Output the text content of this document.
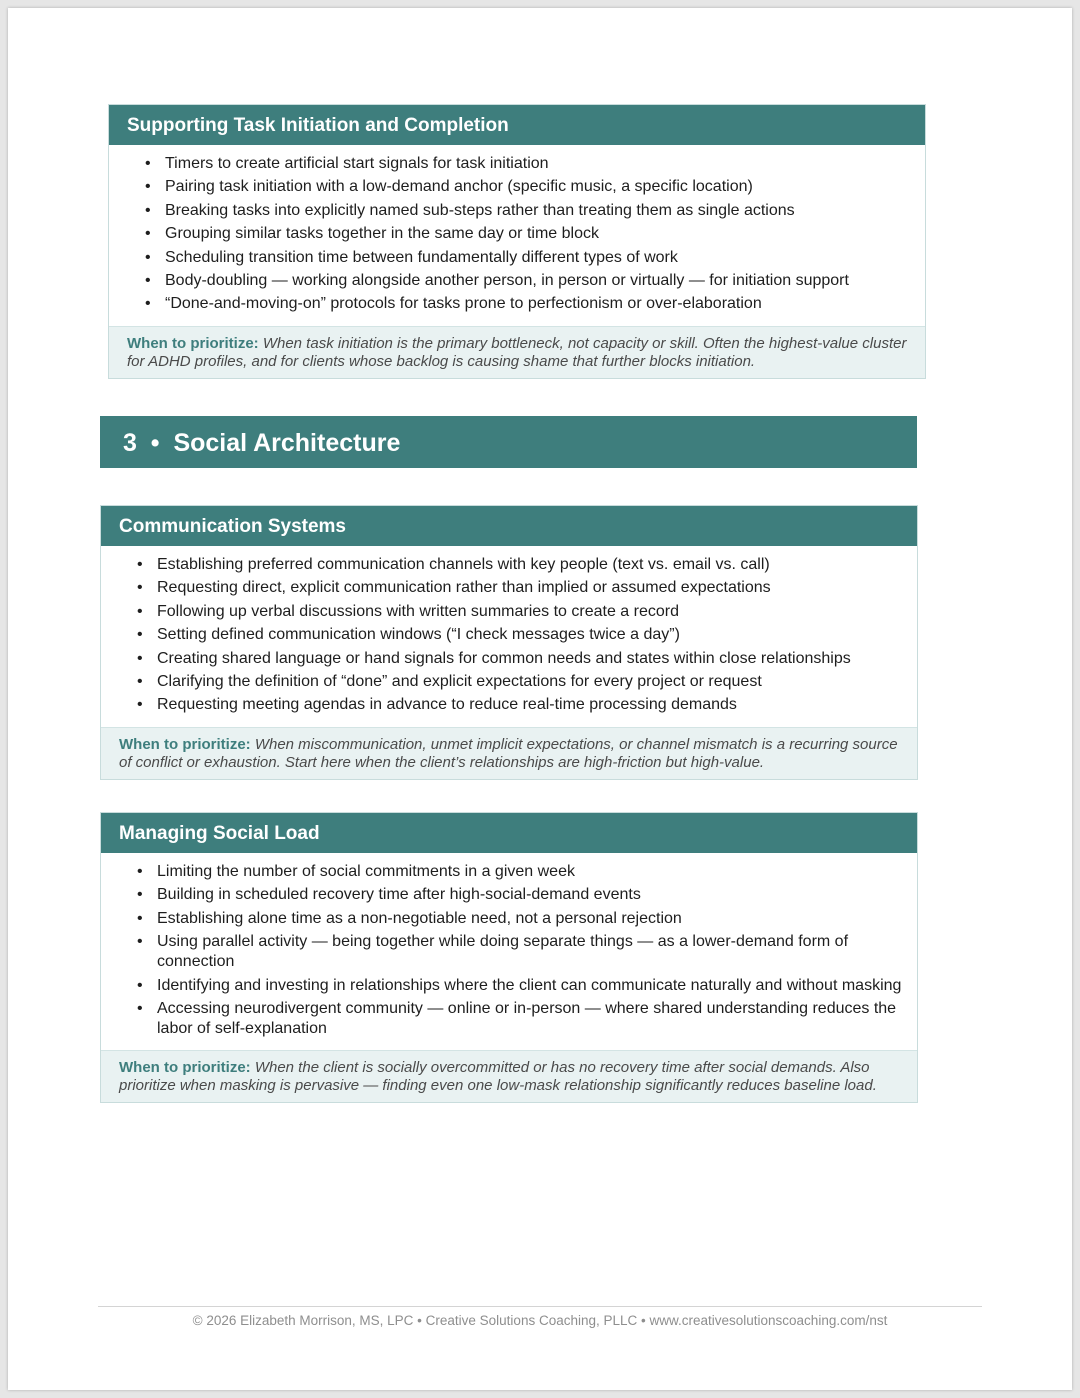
Supporting Task Initiation and Completion
• Timers to create artificial start signals for task initiation
• Pairing task initiation with a low-demand anchor (specific music, a specific location)
• Breaking tasks into explicitly named sub-steps rather than treating them as single actions
• Grouping similar tasks together in the same day or time block
• Scheduling transition time between fundamentally different types of work
• Body-doubling — working alongside another person, in person or virtually — for initiation support
• “Done-and-moving-on” protocols for tasks prone to perfectionism or over-elaboration
When to prioritize: When task initiation is the primary bottleneck, not capacity or skill. Often the highest-value cluster for ADHD profiles, and for clients whose backlog is causing shame that further blocks initiation.
3  •  Social Architecture
Communication Systems
• Establishing preferred communication channels with key people (text vs. email vs. call)
• Requesting direct, explicit communication rather than implied or assumed expectations
• Following up verbal discussions with written summaries to create a record
• Setting defined communication windows (“I check messages twice a day”)
• Creating shared language or hand signals for common needs and states within close relationships
• Clarifying the definition of “done” and explicit expectations for every project or request
• Requesting meeting agendas in advance to reduce real-time processing demands
When to prioritize: When miscommunication, unmet implicit expectations, or channel mismatch is a recurring source of conflict or exhaustion. Start here when the client’s relationships are high-friction but high-value.
Managing Social Load
• Limiting the number of social commitments in a given week
• Building in scheduled recovery time after high-social-demand events
• Establishing alone time as a non-negotiable need, not a personal rejection
• Using parallel activity — being together while doing separate things — as a lower-demand form of connection
• Identifying and investing in relationships where the client can communicate naturally and without masking
• Accessing neurodivergent community — online or in-person — where shared understanding reduces the labor of self-explanation
When to prioritize: When the client is socially overcommitted or has no recovery time after social demands. Also prioritize when masking is pervasive — finding even one low-mask relationship significantly reduces baseline load.
© 2026 Elizabeth Morrison, MS, LPC • Creative Solutions Coaching, PLLC • www.creativesolutionscoaching.com/nst
